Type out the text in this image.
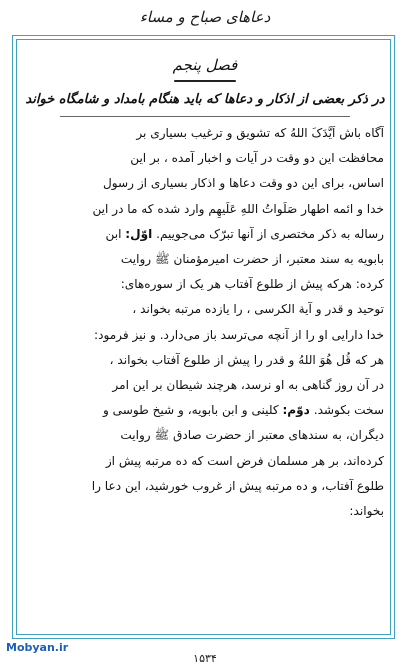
دعاهای صباح و مساء
فصل پنجم
در ذکر بعضی از اذکار و دعاها که باید هنگام بامداد و شامگاه خواند
آگاه باش اَیَّدَکَ اللهُ که تشویق و ترغیب بسیاری بر
محافظت این دو وقت در آیات و اخبار آمده ، بر این
اساس، برای این دو وقت دعاها و اذکار بسیاری از رسول
خدا و ائمه اطهار صَلَواتُ اللهِ عَلَیهِم وارد شده که ما در این
رساله به ذکر مختصری از آنها تبرّک می‌جوییم. اوّل: ابن
بابویه به سند معتبر، از حضرت امیرمؤمنان ﷺ روایت
کرده: هرکه پیش از طلوع آفتاب هر یک از سوره‌های:
توحید و قدر و آیة الکرسی ، را یازده مرتبه بخواند ،
خدا دارایی او را از آنچه می‌ترسد باز می‌دارد. و نیز فرمود:
هر که قُل هُوَ اللهُ و قدر را پیش از طلوع آفتاب بخواند ،
در آن روز گناهی به او نرسد، هرچند شیطان بر این امر
سخت بکوشد. دوّم: کلینی و ابن بابویه، و شیخ طوسی و
دیگران، به سندهای معتبر از حضرت صادق ﷺ روایت
کرده‌اند، بر هر مسلمان فرض است که ده مرتبه پیش از
طلوع آفتاب، و ده مرتبه پیش از غروب خورشید، این دعا را
بخواند:
Mobyan.ir
۱۵۳۴
